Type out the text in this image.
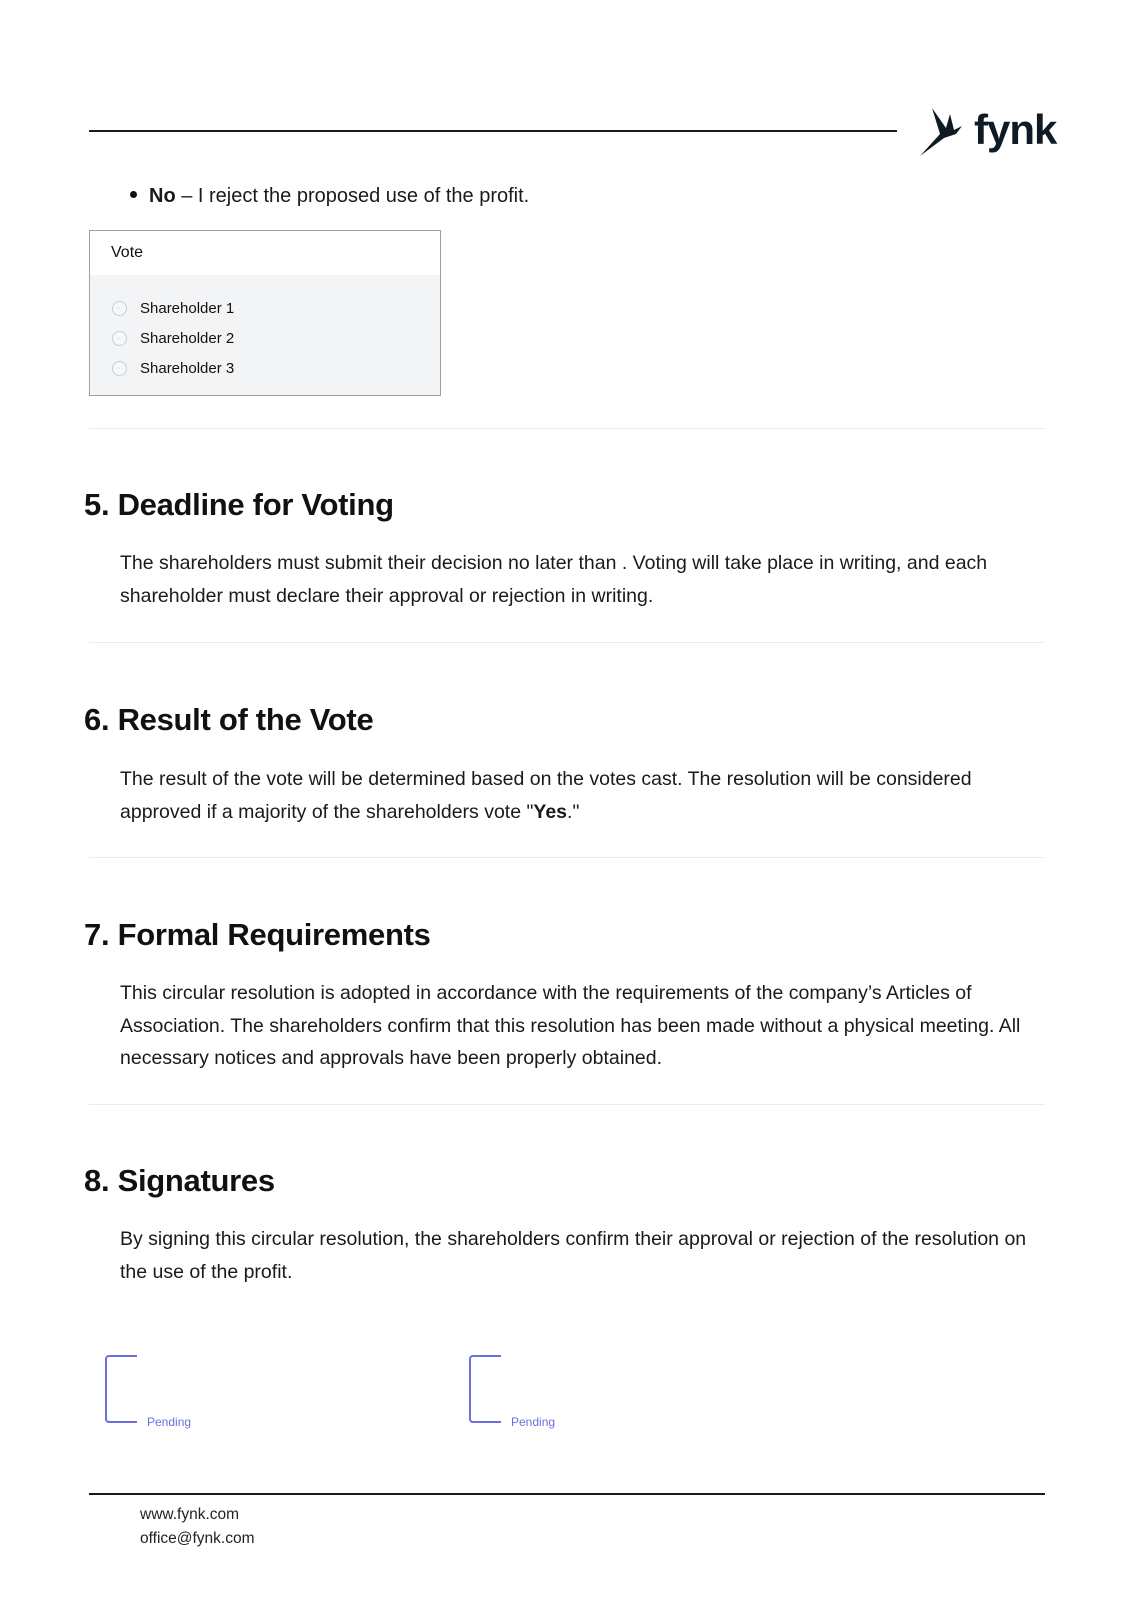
fynk
No – I reject the proposed use of the profit.
Vote
··· Shareholder 1
··· Shareholder 2
··· Shareholder 3
5. Deadline for Voting
The shareholders must submit their decision no later than . Voting will take place in writing, and each shareholder must declare their approval or rejection in writing.
6. Result of the Vote
The result of the vote will be determined based on the votes cast. The resolution will be considered approved if a majority of the shareholders vote "Yes."
7. Formal Requirements
This circular resolution is adopted in accordance with the requirements of the company’s Articles of Association. The shareholders confirm that this resolution has been made without a physical meeting. All necessary notices and approvals have been properly obtained.
8. Signatures
By signing this circular resolution, the shareholders confirm their approval or rejection of the resolution on the use of the profit.
Pending	Pending
www.fynk.com
office@fynk.com
